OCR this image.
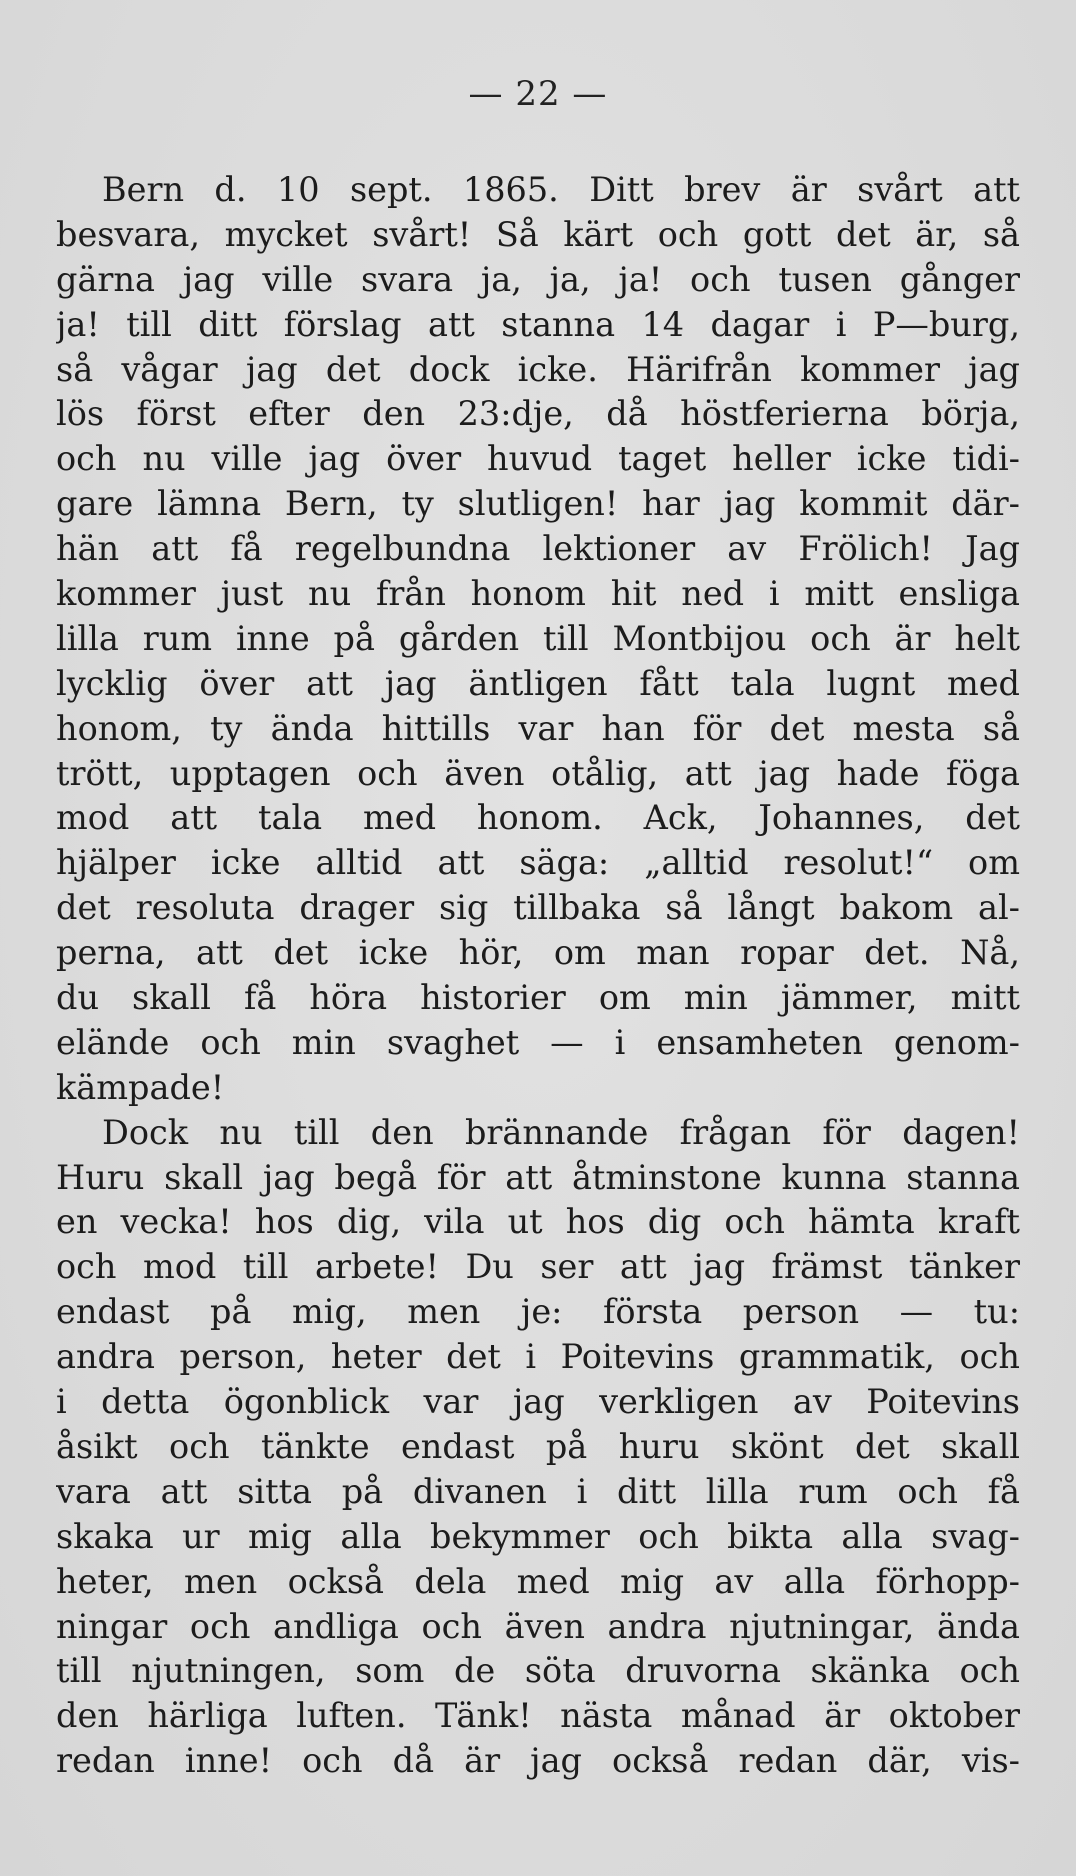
— 22 —
Bern d. 10 sept. 1865. Ditt brev är svårt att
besvara, mycket svårt! Så kärt och gott det är, så
gärna jag ville svara ja, ja, ja! och tusen gånger
ja! till ditt förslag att stanna 14 dagar i P—burg,
så vågar jag det dock icke. Härifrån kommer jag
lös först efter den 23:dje, då höstferierna börja,
och nu ville jag över huvud taget heller icke tidi-
gare lämna Bern, ty slutligen! har jag kommit där-
hän att få regelbundna lektioner av Frölich! Jag
kommer just nu från honom hit ned i mitt ensliga
lilla rum inne på gården till Montbijou och är helt
lycklig över att jag äntligen fått tala lugnt med
honom, ty ända hittills var han för det mesta så
trött, upptagen och även otålig, att jag hade föga
mod att tala med honom. Ack, Johannes, det
hjälper icke alltid att säga: „alltid resolut!“ om
det resoluta drager sig tillbaka så långt bakom al-
perna, att det icke hör, om man ropar det. Nå,
du skall få höra historier om min jämmer, mitt
elände och min svaghet — i ensamheten genom-
kämpade!
Dock nu till den brännande frågan för dagen!
Huru skall jag begå för att åtminstone kunna stanna
en vecka! hos dig, vila ut hos dig och hämta kraft
och mod till arbete! Du ser att jag främst tänker
endast på mig, men je: första person — tu:
andra person, heter det i Poitevins grammatik, och
i detta ögonblick var jag verkligen av Poitevins
åsikt och tänkte endast på huru skönt det skall
vara att sitta på divanen i ditt lilla rum och få
skaka ur mig alla bekymmer och bikta alla svag-
heter, men också dela med mig av alla förhopp-
ningar och andliga och även andra njutningar, ända
till njutningen, som de söta druvorna skänka och
den härliga luften. Tänk! nästa månad är oktober
redan inne! och då är jag också redan där, vis-
